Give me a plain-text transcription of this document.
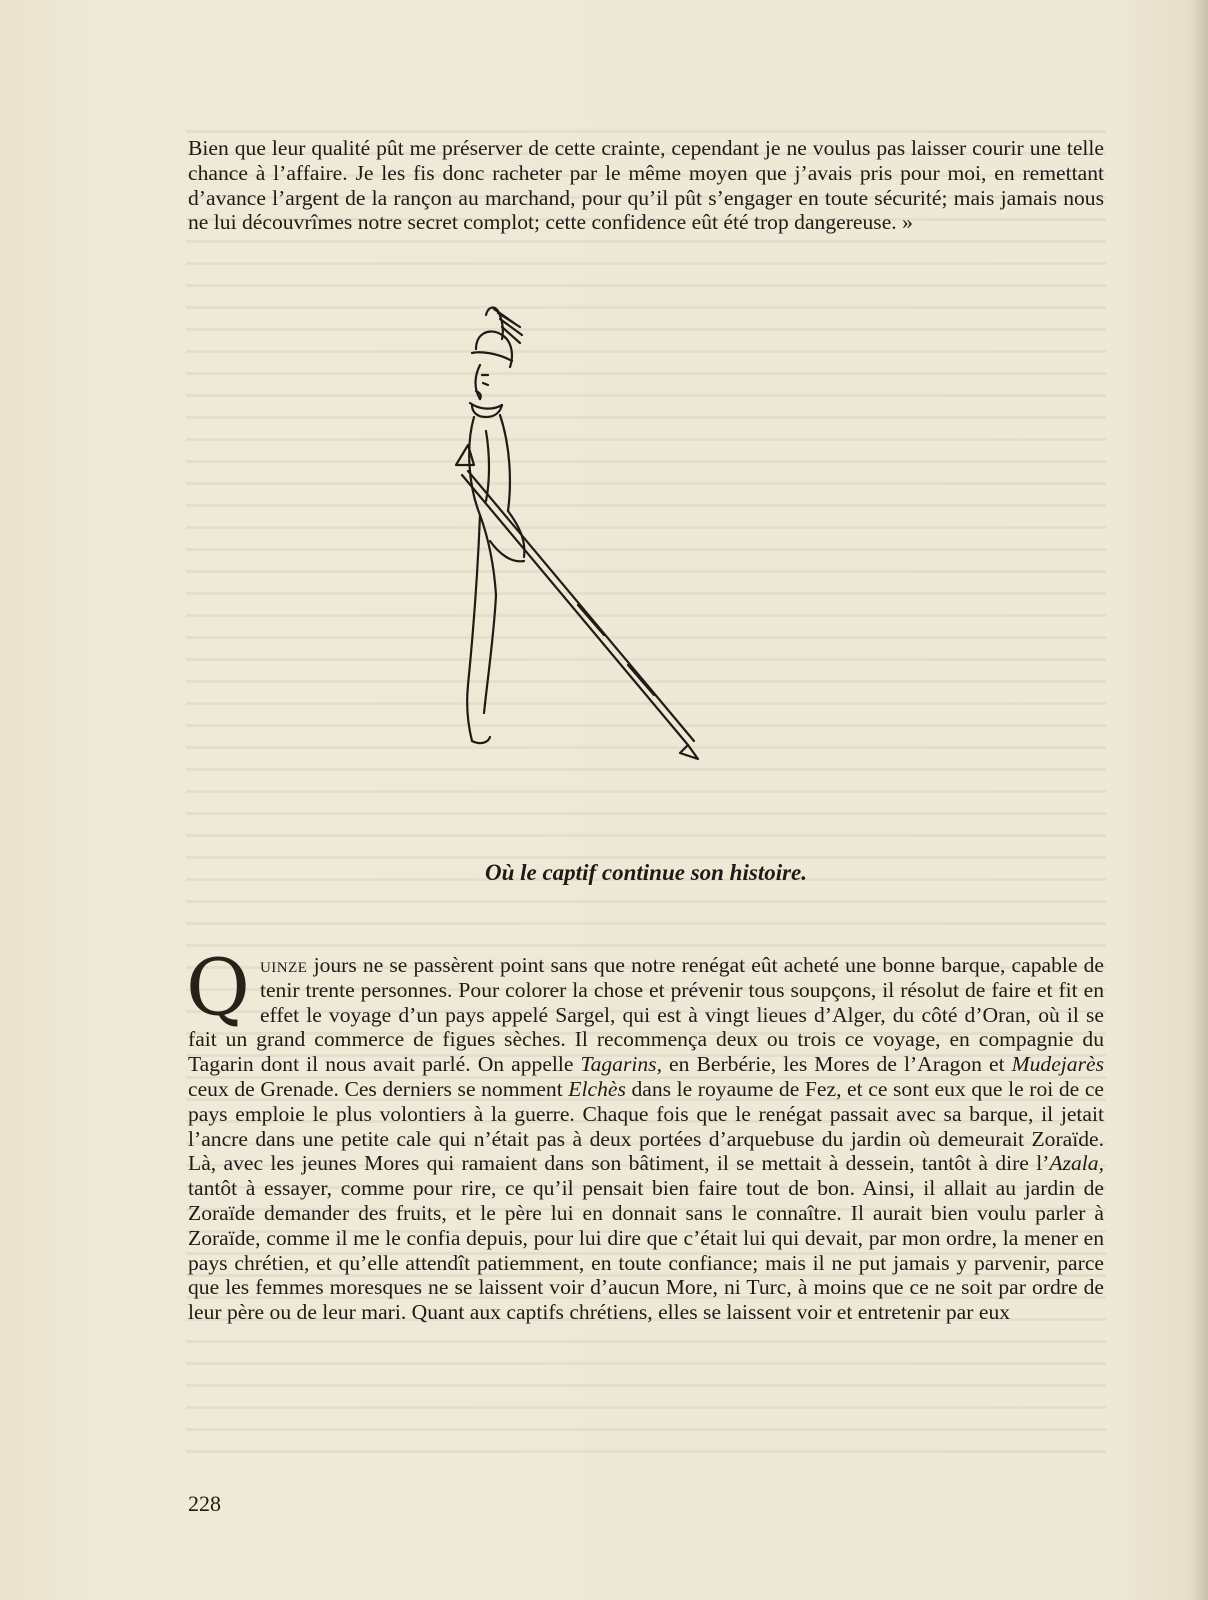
Bien que leur qualité pût me préserver de cette crainte, cependant je ne voulus pas laisser courir une telle chance à l’affaire. Je les fis donc racheter par le même moyen que j’avais pris pour moi, en remettant d’avance l’argent de la rançon au marchand, pour qu’il pût s’engager en toute sécurité; mais jamais nous ne lui découvrîmes notre secret complot; cette confidence eût été trop dangereuse. »

Où le captif continue son histoire.

Quinze jours ne se passèrent point sans que notre renégat eût acheté une bonne barque, capable de tenir trente personnes. Pour colorer la chose et prévenir tous soupçons, il résolut de faire et fit en effet le voyage d’un pays appelé Sargel, qui est à vingt lieues d’Alger, du côté d’Oran, où il se fait un grand commerce de figues sèches. Il recommença deux ou trois ce voyage, en compagnie du Tagarin dont il nous avait parlé. On appelle Tagarins, en Berbérie, les Mores de l’Aragon et Mudejarès ceux de Grenade. Ces derniers se nomment Elchès dans le royaume de Fez, et ce sont eux que le roi de ce pays emploie le plus volontiers à la guerre. Chaque fois que le renégat passait avec sa barque, il jetait l’ancre dans une petite cale qui n’était pas à deux portées d’arquebuse du jardin où demeurait Zoraïde. Là, avec les jeunes Mores qui ramaient dans son bâtiment, il se mettait à dessein, tantôt à dire l’Azala, tantôt à essayer, comme pour rire, ce qu’il pensait bien faire tout de bon. Ainsi, il allait au jardin de Zoraïde demander des fruits, et le père lui en donnait sans le connaître. Il aurait bien voulu parler à Zoraïde, comme il me le confia depuis, pour lui dire que c’était lui qui devait, par mon ordre, la mener en pays chrétien, et qu’elle attendît patiemment, en toute confiance; mais il ne put jamais y parvenir, parce que les femmes moresques ne se laissent voir d’aucun More, ni Turc, à moins que ce ne soit par ordre de leur père ou de leur mari. Quant aux captifs chrétiens, elles se laissent voir et entretenir par eux

228
